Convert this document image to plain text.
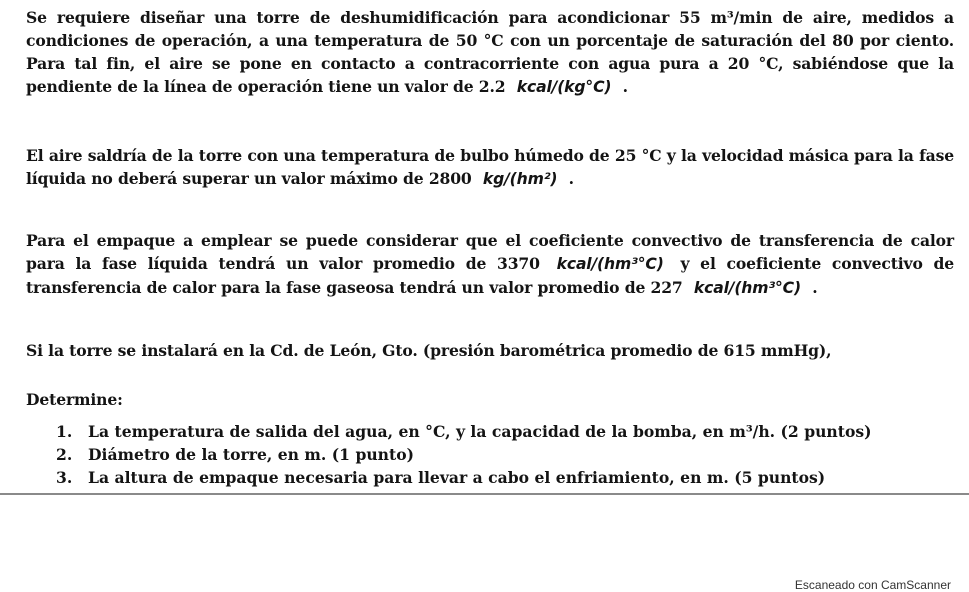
Se requiere diseñar una torre de deshumidificación para acondicionar 55 m³/min de aire, medidos a condiciones de operación, a una temperatura de 50 °C con un porcentaje de saturación del 80 por ciento. Para tal fin, el aire se pone en contacto a contracorriente con agua pura a 20 °C, sabiéndose que la pendiente de la línea de operación tiene un valor de 2.2 kcal/(kg°C) .

El aire saldría de la torre con una temperatura de bulbo húmedo de 25 °C y la velocidad másica para la fase líquida no deberá superar un valor máximo de 2800 kg/(hm²) .

Para el empaque a emplear se puede considerar que el coeficiente convectivo de transferencia de calor para la fase líquida tendrá un valor promedio de 3370 kcal/(hm³°C) y el coeficiente convectivo de transferencia de calor para la fase gaseosa tendrá un valor promedio de 227 kcal/(hm³°C) .

Si la torre se instalará en la Cd. de León, Gto. (presión barométrica promedio de 615 mmHg),

Determine:

1.	La temperatura de salida del agua, en °C, y la capacidad de la bomba, en m³/h. (2 puntos)
2.	Diámetro de la torre, en m. (1 punto)
3.	La altura de empaque necesaria para llevar a cabo el enfriamiento, en m. (5 puntos)
Escaneado con CamScanner
